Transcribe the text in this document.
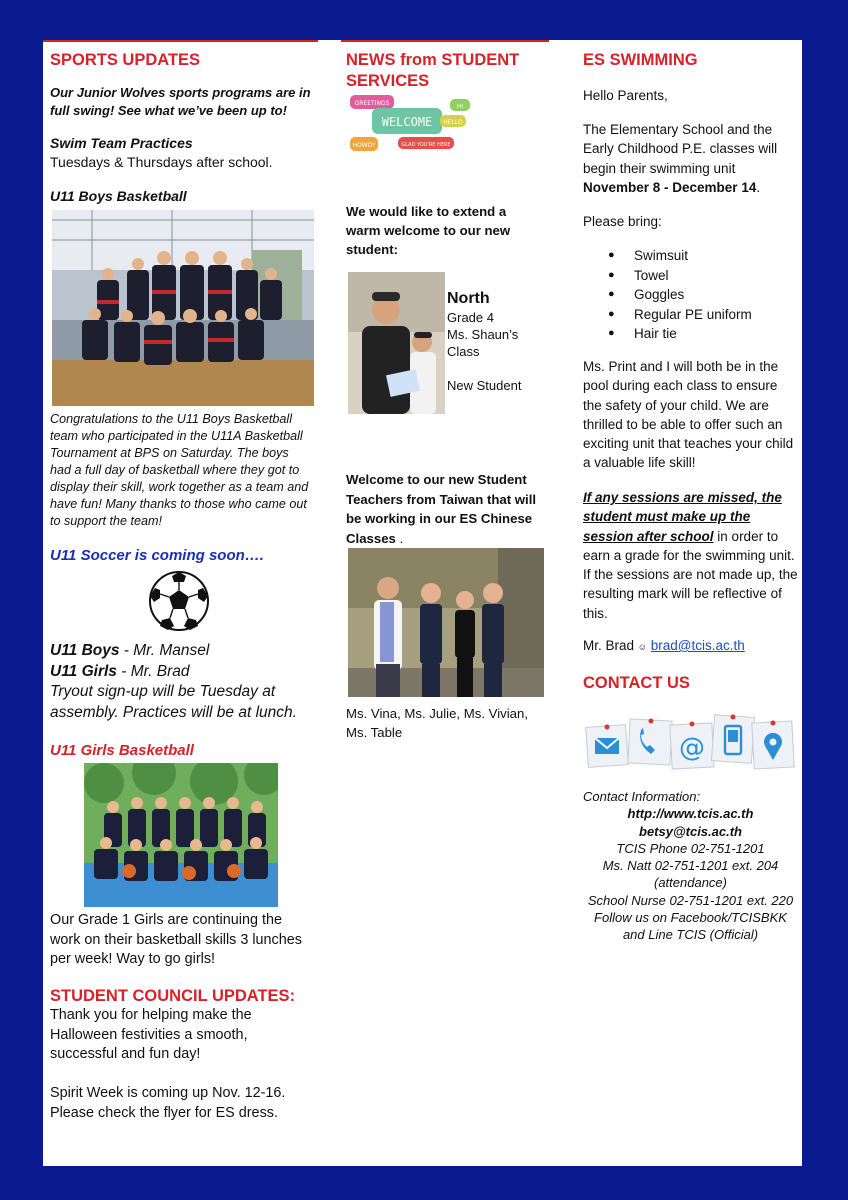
SPORTS UPDATES

Our Junior Wolves sports programs are in full swing! See what we’ve been up to!

Swim Team Practices

Tuesdays & Thursdays after school.

U11 Boys Basketball

Congratulations to the U11 Boys Basketball team who participated in the U11A Basketball Tournament at BPS on Saturday. The boys had a full day of basketball where they got to display their skill, work together as a team and have fun! Many thanks to those who came out to support the team!

U11 Soccer is coming soon….

U11 Boys - Mr. Mansel
U11 Girls - Mr. Brad
Tryout sign-up will be Tuesday at assembly. Practices will be at lunch.

U11 Girls Basketball

Our Grade 1 Girls are continuing the work on their basketball skills 3 lunches per week! Way to go girls!

STUDENT COUNCIL UPDATES:

Thank you for helping make the Halloween festivities a smooth, successful and fun day!

Spirit Week is coming up Nov. 12-16. Please check the flyer for ES dress.

NEWS from STUDENT SERVICES
GREETINGS
WELCOME HELLO
HI
HOWDY	GLAD YOU'RE HERE

We would like to extend a warm welcome to our new student:

North
Grade 4
Ms. Shaun’s Class
New Student

Welcome to our new Student Teachers from Taiwan that will be working in our ES Chinese Classes .

Ms. Vina, Ms. Julie, Ms. Vivian, Ms. Table

ES SWIMMING

Hello Parents,

The Elementary School and the Early Childhood P.E. classes will begin their swimming unit November 8 - December 14.

Please bring:

● Swimsuit
● Towel
● Goggles
● Regular PE uniform
● Hair tie

Ms. Print and I will both be in the pool during each class to ensure the safety of your child. We are thrilled to be able to offer such an exciting unit that teaches your child a valuable life skill!

If any sessions are missed, the student must make up the session after school in order to earn a grade for the swimming unit. If the sessions are not made up, the resulting mark will be reflective of this.

Mr. Brad ☺ brad@tcis.ac.th

CONTACT US
@
Contact Information:
http://www.tcis.ac.th
betsy@tcis.ac.th
TCIS Phone 02-751-1201
Ms. Natt 02-751-1201 ext. 204 (attendance)
School Nurse 02-751-1201 ext. 220
Follow us on Facebook/TCISBKK and Line TCIS (Official)
